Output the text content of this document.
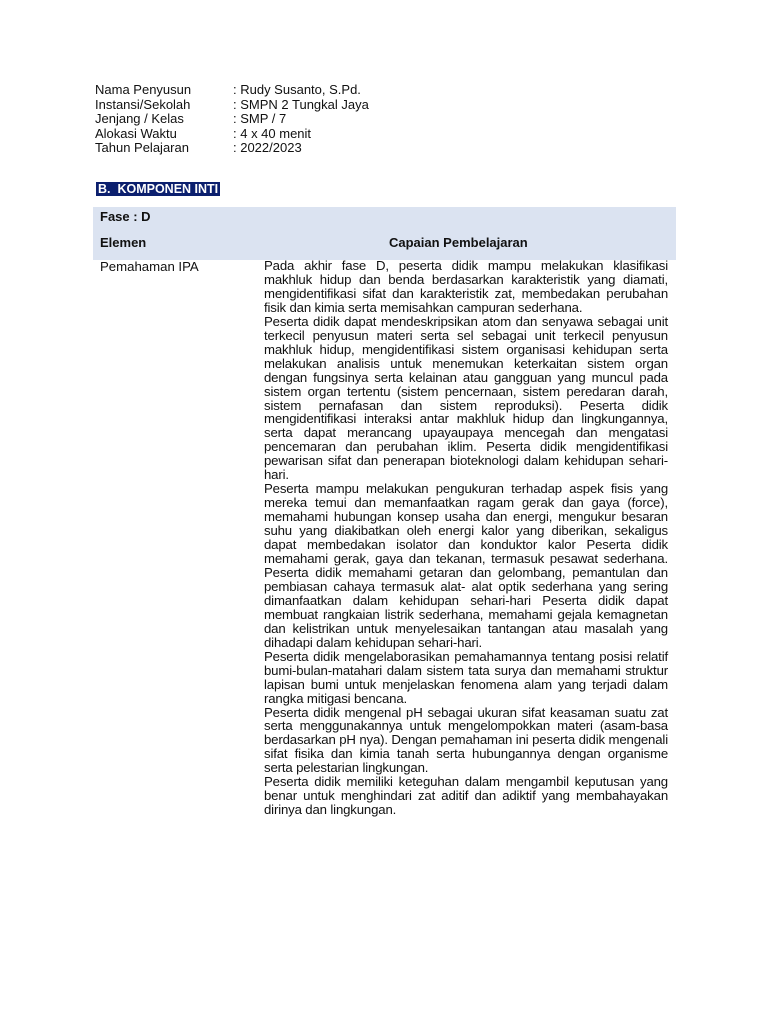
Nama Penyusun	: Rudy Susanto, S.Pd.
Instansi/Sekolah	: SMPN 2 Tungkal Jaya
Jenjang / Kelas	: SMP / 7
Alokasi Waktu	: 4 x 40 menit
Tahun Pelajaran	: 2022/2023
B.  KOMPONEN INTI
Fase : D
Elemen	Capaian Pembelajaran
Pemahaman IPA	Pada akhir fase D, peserta didik mampu melakukan klasifikasi makhluk hidup dan benda berdasarkan karakteristik yang diamati, mengidentifikasi sifat dan karakteristik zat, membedakan perubahan fisik dan kimia serta memisahkan campuran sederhana.

Peserta didik dapat mendeskripsikan atom dan senyawa sebagai unit terkecil penyusun materi serta sel sebagai unit terkecil penyusun makhluk hidup, mengidentifikasi sistem organisasi kehidupan serta melakukan analisis untuk menemukan keterkaitan sistem organ dengan fungsinya serta kelainan atau gangguan yang muncul pada sistem organ tertentu (sistem pencernaan, sistem peredaran darah, sistem pernafasan dan sistem reproduksi). Peserta didik mengidentifikasi interaksi antar makhluk hidup dan lingkungannya, serta dapat merancang upayaupaya mencegah dan mengatasi pencemaran dan perubahan iklim. Peserta didik mengidentifikasi pewarisan sifat dan penerapan bioteknologi dalam kehidupan sehari-hari.

Peserta mampu melakukan pengukuran terhadap aspek fisis yang mereka temui dan memanfaatkan ragam gerak dan gaya (force), memahami hubungan konsep usaha dan energi, mengukur besaran suhu yang diakibatkan oleh energi kalor yang diberikan, sekaligus dapat membedakan isolator dan konduktor kalor Peserta didik memahami gerak, gaya dan tekanan, termasuk pesawat sederhana. Peserta didik memahami getaran dan gelombang, pemantulan dan pembiasan cahaya termasuk alat- alat optik sederhana yang sering dimanfaatkan dalam kehidupan sehari-hari Peserta didik dapat membuat rangkaian listrik sederhana, memahami gejala kemagnetan dan kelistrikan untuk menyelesaikan tantangan atau masalah yang dihadapi dalam kehidupan sehari-hari.

Peserta didik mengelaborasikan pemahamannya tentang posisi relatif bumi-bulan-matahari dalam sistem tata surya dan memahami struktur lapisan bumi untuk menjelaskan fenomena alam yang terjadi dalam rangka mitigasi bencana.

Peserta didik mengenal pH sebagai ukuran sifat keasaman suatu zat serta menggunakannya untuk mengelompokkan materi (asam-basa berdasarkan pH nya). Dengan pemahaman ini peserta didik mengenali sifat fisika dan kimia tanah serta hubungannya dengan organisme serta pelestarian lingkungan.

Peserta didik memiliki keteguhan dalam mengambil keputusan yang benar untuk menghindari zat aditif dan adiktif yang membahayakan dirinya dan lingkungan.
